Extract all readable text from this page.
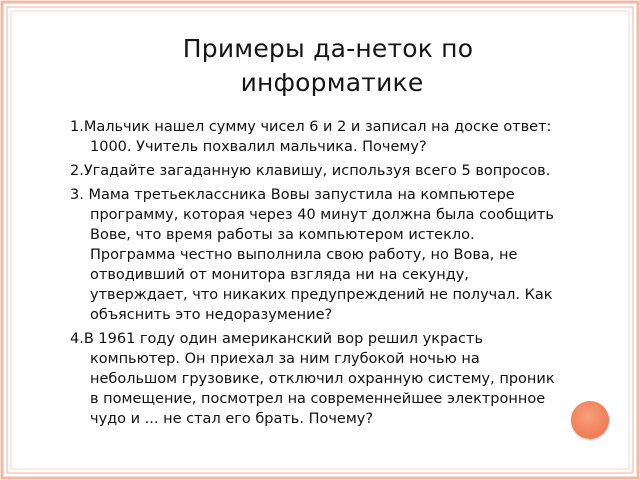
Примеры да-неток по
информатике
1.Мальчик нашел сумму чисел 6 и 2 и записал на доске ответ:
1000. Учитель похвалил мальчика. Почему?
2.Угадайте загаданную клавишу, используя всего 5 вопросов.
3. Мама третьеклассника Вовы запустила на компьютере
программу, которая через 40 минут должна была сообщить
Вове, что время работы за компьютером истекло.
Программа честно выполнила свою работу, но Вова, не
отводивший от монитора взгляда ни на секунду,
утверждает, что никаких предупреждений не получал. Как
объяснить это недоразумение?
4.В 1961 году один американский вор решил украсть
компьютер. Он приехал за ним глубокой ночью на
небольшом грузовике, отключил охранную систему, проник
в помещение, посмотрел на современнейшее электронное
чудо и ... не стал его брать. Почему?
